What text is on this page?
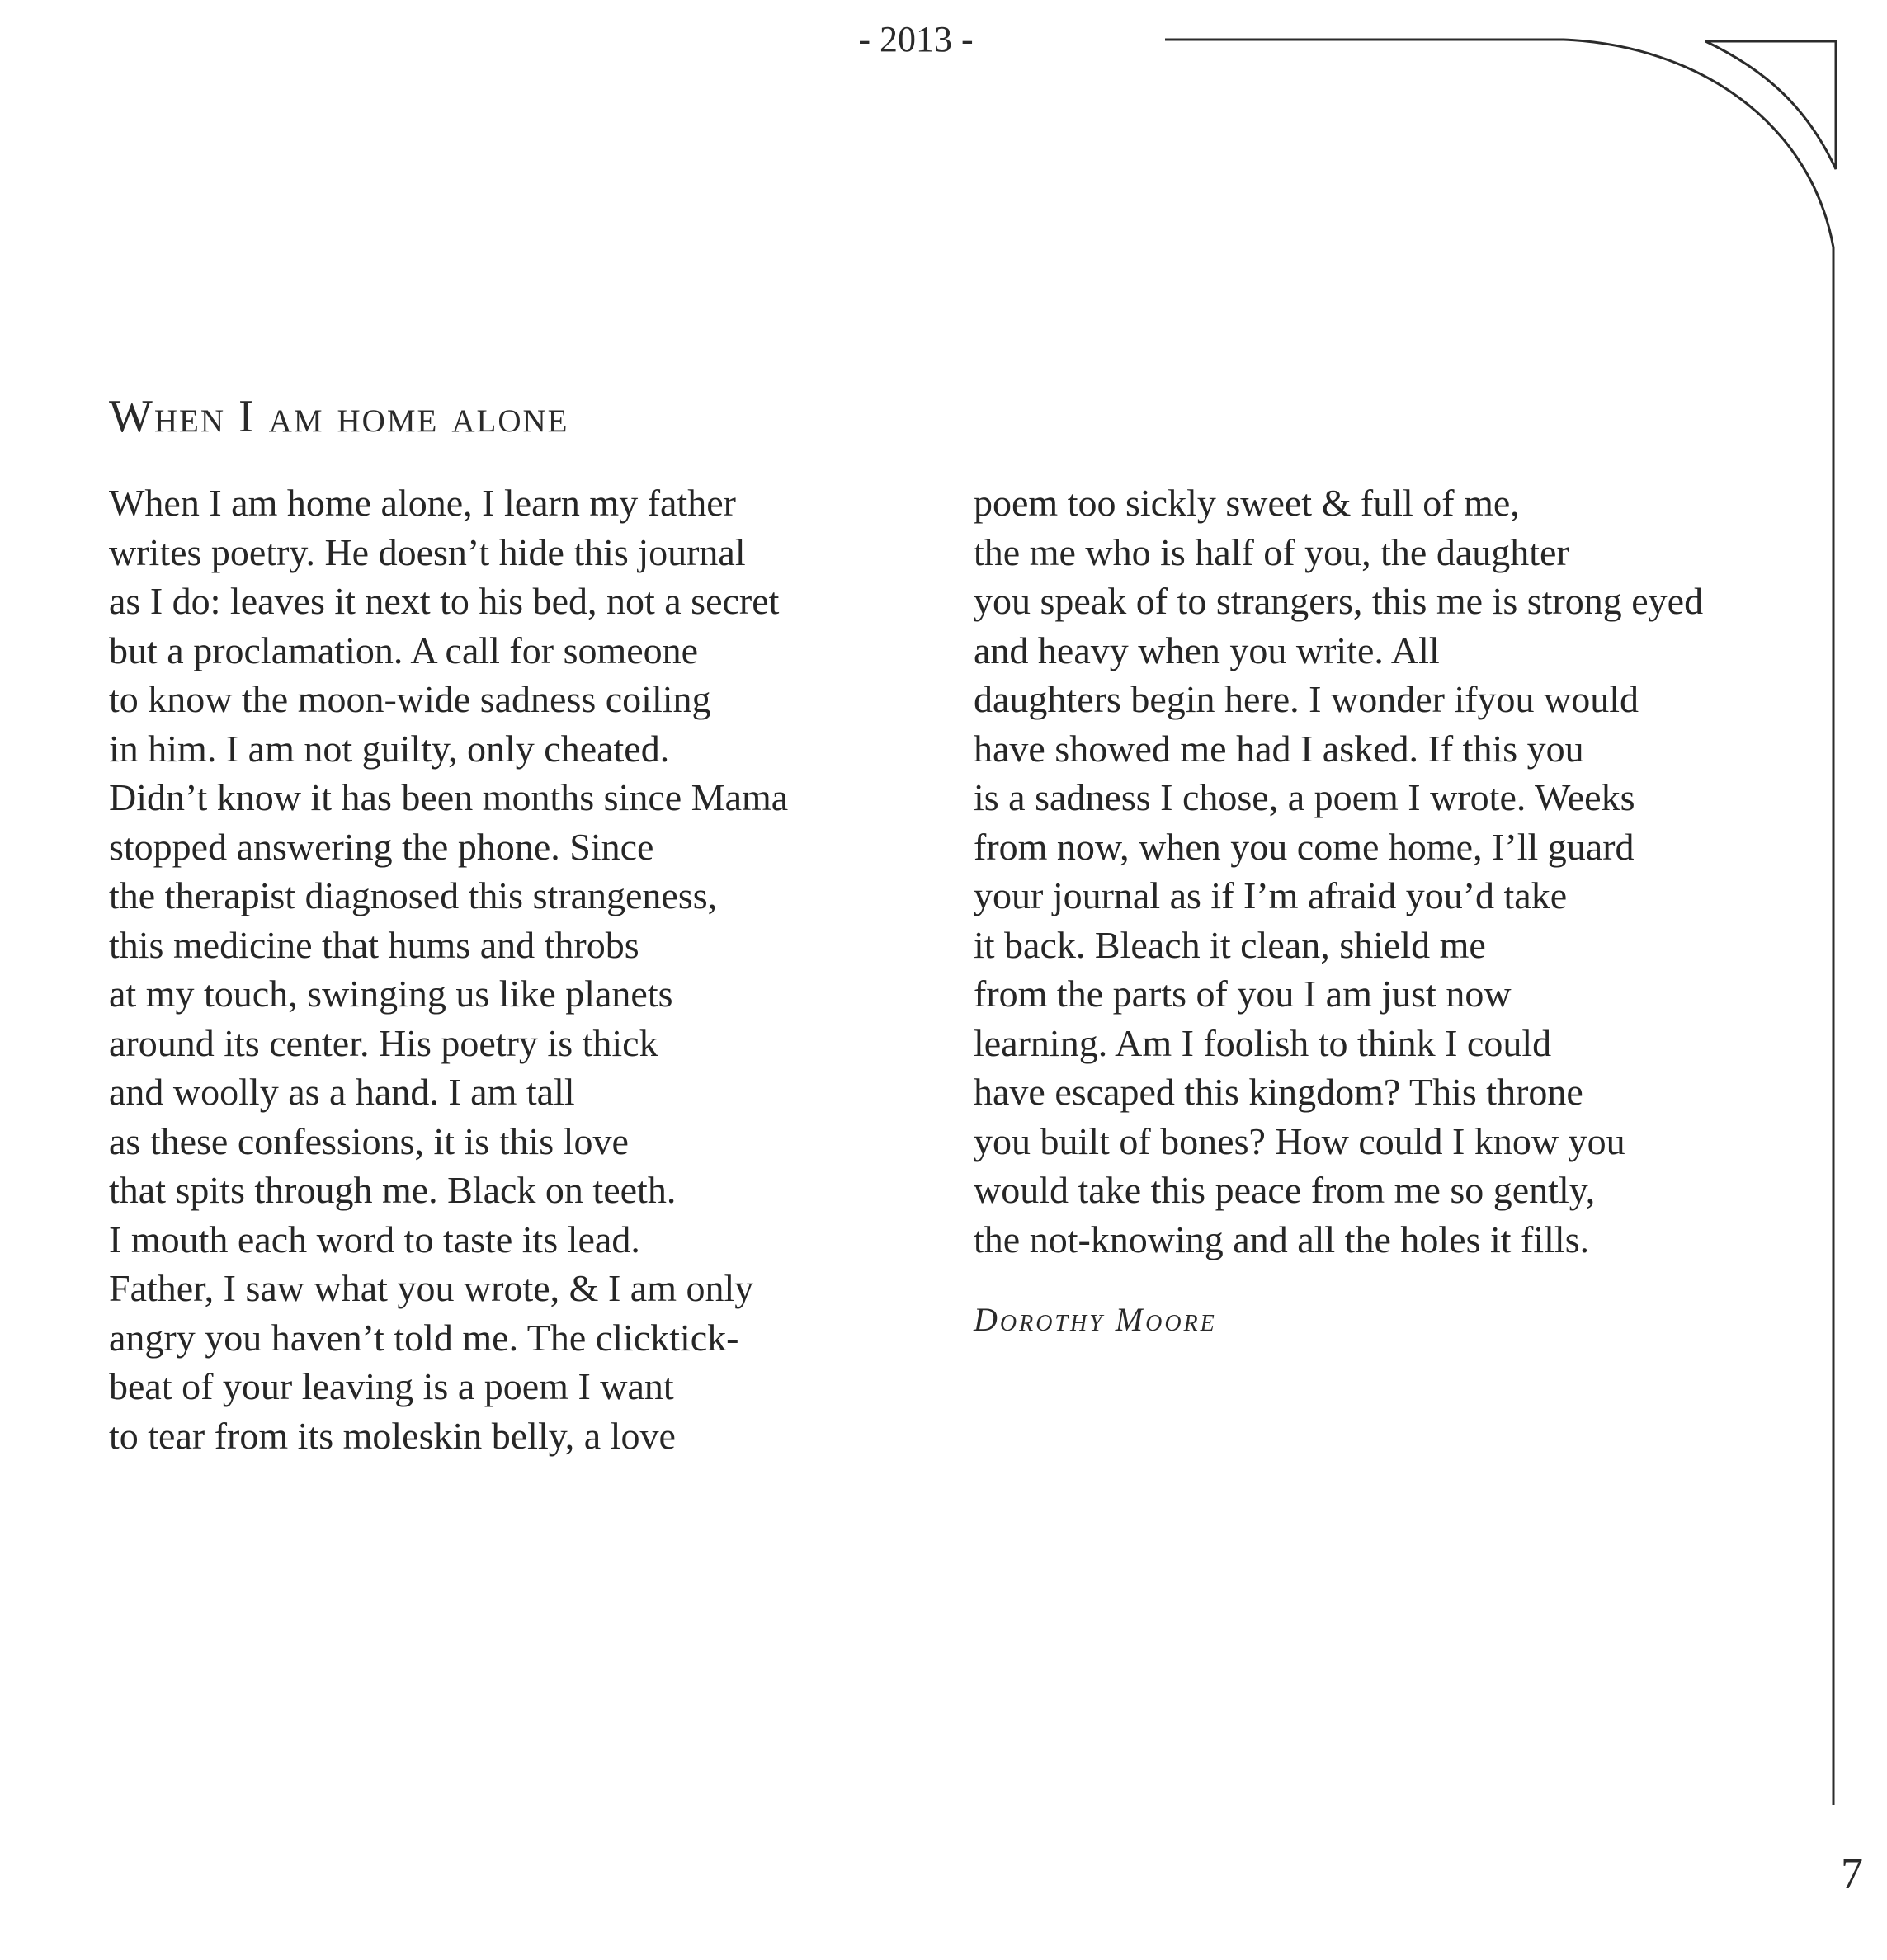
- 2013 -
When I am home alone
When I am home alone, I learn my father
writes poetry. He doesn’t hide this journal
as I do: leaves it next to his bed, not a secret
but a proclamation. A call for someone
to know the moon-wide sadness coiling
in him. I am not guilty, only cheated.
Didn’t know it has been months since Mama
stopped answering the phone. Since
the therapist diagnosed this strangeness,
this medicine that hums and throbs
at my touch, swinging us like planets
around its center. His poetry is thick
and woolly as a hand. I am tall
as these confessions, it is this love
that spits through me. Black on teeth.
I mouth each word to taste its lead.
Father, I saw what you wrote, & I am only
angry you haven’t told me. The clicktick-
beat of your leaving is a poem I want
to tear from its moleskin belly, a love
poem too sickly sweet & full of me,
the me who is half of you, the daughter
you speak of to strangers, this me is strong eyed
and heavy when you write. All
daughters begin here. I wonder ifyou would
have showed me had I asked. If this you
is a sadness I chose, a poem I wrote. Weeks
from now, when you come home, I’ll guard
your journal as if I’m afraid you’d take
it back. Bleach it clean, shield me
from the parts of you I am just now
learning. Am I foolish to think I could
have escaped this kingdom? This throne
you built of bones? How could I know you
would take this peace from me so gently,
the not-knowing and all the holes it fills.
Dorothy Moore
7
